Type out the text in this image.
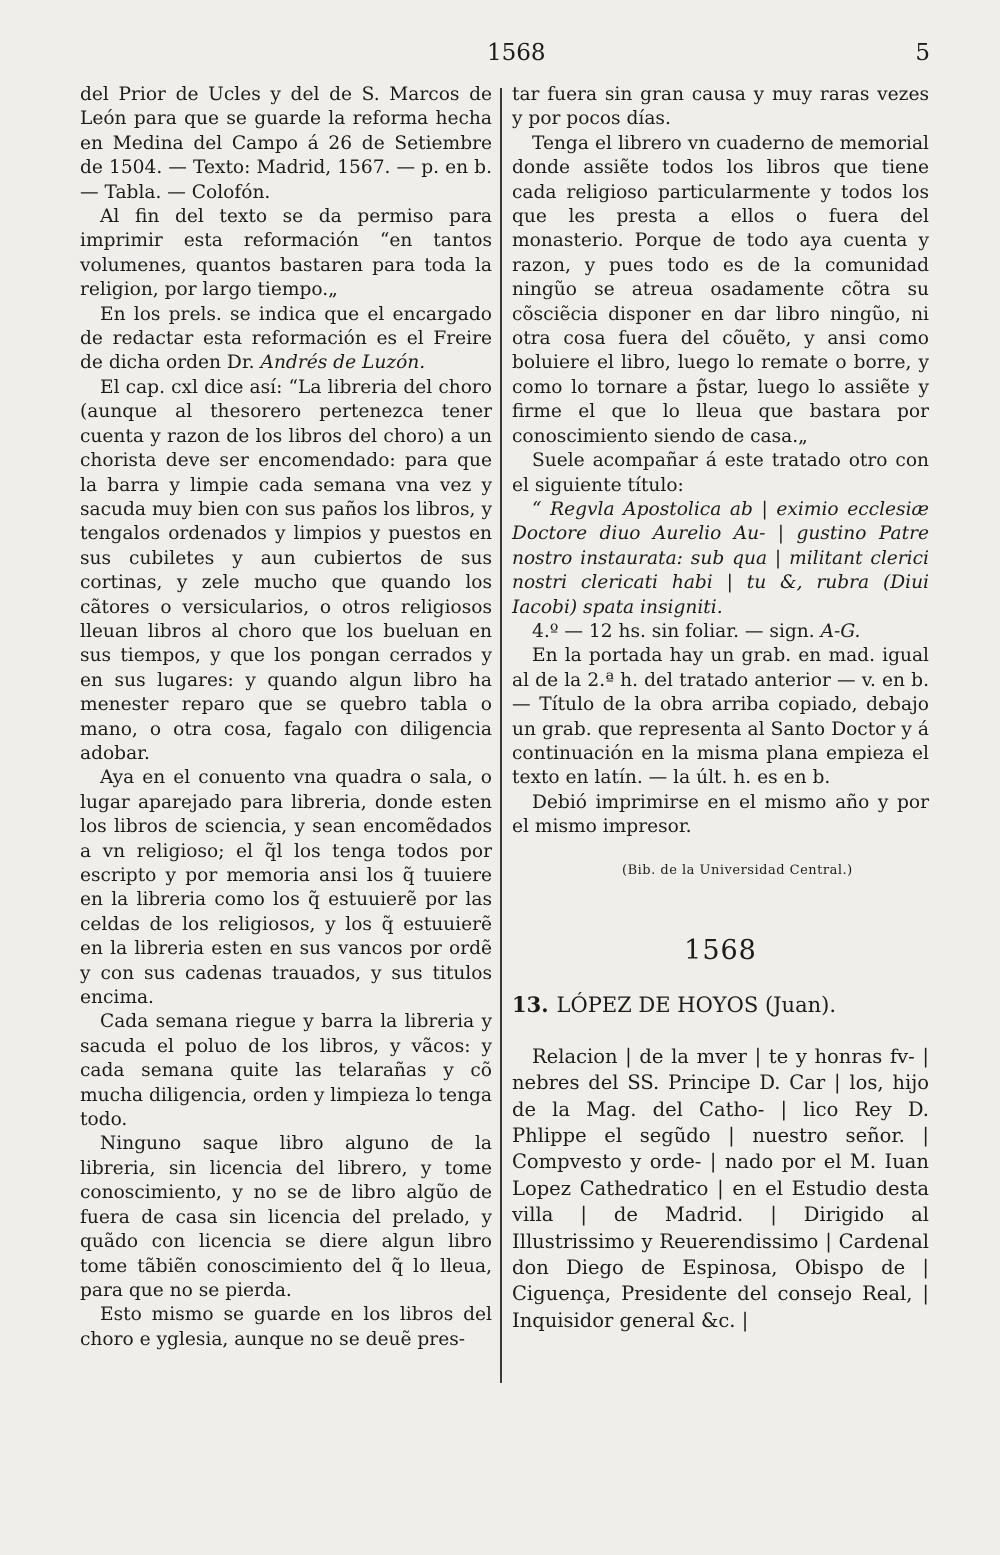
1568	5

del Prior de Ucles y del de S. Marcos de León para que se guarde la reforma hecha en Medina del Campo á 26 de Setiembre de 1504. — Texto: Madrid, 1567. — p. en b. — Tabla. — Colofón.

Al fin del texto se da permiso para imprimir esta reformación “en tantos volumenes, quantos bastaren para toda la religion, por largo tiempo.„

En los prels. se indica que el encargado de redactar esta reformación es el Freire de dicha orden Dr. Andrés de Luzón.

El cap. cxl dice así: “La libreria del choro (aunque al thesorero pertenezca tener cuenta y razon de los libros del choro) a un chorista deve ser encomendado: para que la barra y limpie cada semana vna vez y sacuda muy bien con sus paños los libros, y tengalos ordenados y limpios y puestos en sus cubiletes y aun cubiertos de sus cortinas, y zele mucho que quando los cãtores o versicularios, o otros religiosos lleuan libros al choro que los bueluan en sus tiempos, y que los pongan cerrados y en sus lugares: y quando algun libro ha menester reparo que se quebro tabla o mano, o otra cosa, fagalo con diligencia adobar.

Aya en el conuento vna quadra o sala, o lugar aparejado para libreria, donde esten los libros de sciencia, y sean encomẽdados a vn religioso; el q̃l los tenga todos por escripto y por memoria ansi los q̃ tuuiere en la libreria como los q̃ estuuierẽ por las celdas de los religiosos, y los q̃ estuuierẽ en la libreria esten en sus vancos por ordẽ y con sus cadenas trauados, y sus titulos encima.

Cada semana riegue y barra la libreria y sacuda el poluo de los libros, y vãcos: y cada semana quite las telarañas y cõ mucha diligencia, orden y limpieza lo tenga todo.

Ninguno saque libro alguno de la libreria, sin licencia del librero, y tome conoscimiento, y no se de libro algũo de fuera de casa sin licencia del prelado, y quãdo con licencia se diere algun libro tome tãbiẽn conoscimiento del q̃ lo lleua, para que no se pierda.

Esto mismo se guarde en los libros del choro e yglesia, aunque no se deuẽ pres-

tar fuera sin gran causa y muy raras vezes y por pocos días.

Tenga el librero vn cuaderno de memorial donde assiẽte todos los libros que tiene cada religioso particularmente y todos los que les presta a ellos o fuera del monasterio. Porque de todo aya cuenta y razon, y pues todo es de la comunidad ningũo se atreua osadamente cõtra su cõsciẽcia disponer en dar libro ningũo, ni otra cosa fuera del cõuẽto, y ansi como boluiere el libro, luego lo remate o borre, y como lo tornare a p̃star, luego lo assiẽte y firme el que lo lleua que bastara por conoscimiento siendo de casa.„

Suele acompañar á este tratado otro con el siguiente título:

“ Regvla Apostolica ab | eximio ecclesiæ Doctore diuo Aurelio Au- | gustino Patre nostro instaurata: sub qua | militant clerici nostri clericati habi | tu &, rubra (Diui Iacobi) spata insigniti.

4.º — 12 hs. sin foliar. — sign. A-G.

En la portada hay un grab. en mad. igual al de la 2.ª h. del tratado anterior — v. en b. — Título de la obra arriba copiado, debajo un grab. que representa al Santo Doctor y á continuación en la misma plana empieza el texto en latín. — la últ. h. es en b.

Debió imprimirse en el mismo año y por el mismo impresor.

(Bib. de la Universidad Central.)

1568

13. LÓPEZ DE HOYOS (Juan).

Relacion | de la mver | te y honras fv- | nebres del SS. Principe D. Car | los, hijo de la Mag. del Catho- | lico Rey D. Phlippe el segũdo | nuestro señor. | Compvesto y orde- | nado por el M. Iuan Lopez Cathedratico | en el Estudio desta villa | de Madrid. | Dirigido al Illustrissimo y Reuerendissimo | Cardenal don Diego de Espinosa, Obispo de | Ciguença, Presidente del consejo Real, | Inquisidor general &c. |
